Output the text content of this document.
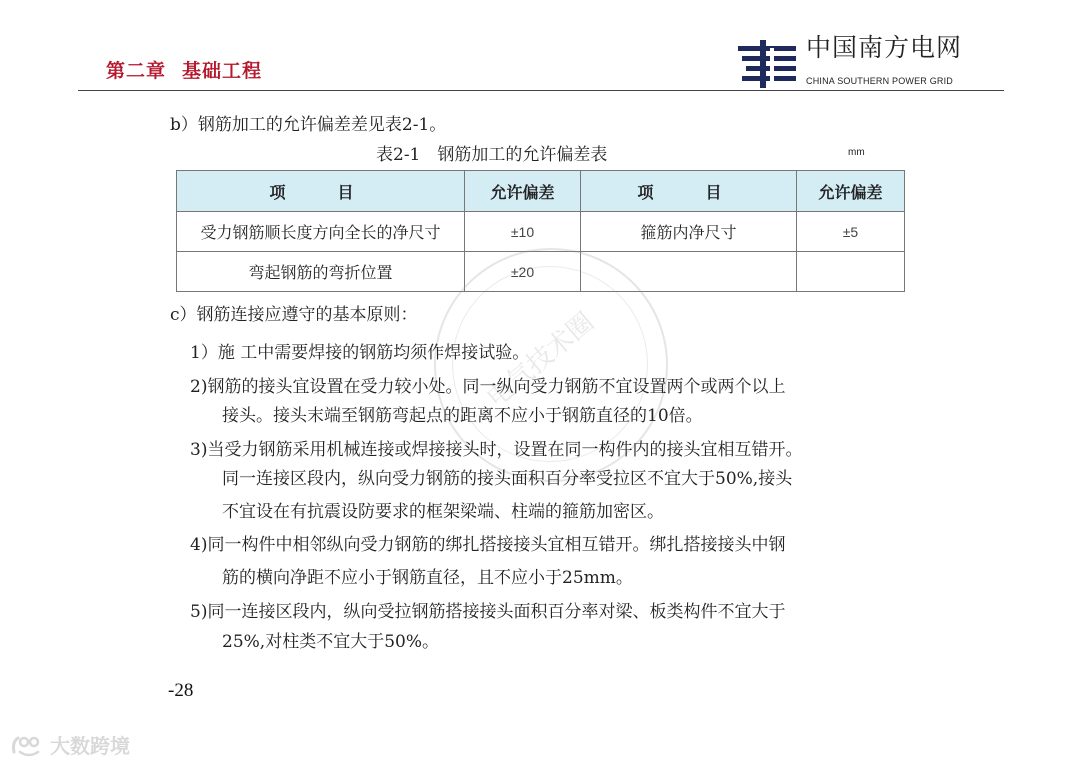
第二章 基础工程
中国南方电网
CHINA SOUTHERN POWER GRID
b）钢筋加工的允许偏差差见表2-1。
表2-1　钢筋加工的允许偏差表	mm
项　目	允许偏差	项　目	允许偏差
受力钢筋顺长度方向全长的净尺寸	±10	箍筋内净尺寸	±5
弯起钢筋的弯折位置	±20		
电气技术圈
c）钢筋连接应遵守的基本原则：
1）施 工中需要焊接的钢筋均须作焊接试验。
2)钢筋的接头宜设置在受力较小处。同一纵向受力钢筋不宜设置两个或两个以上
接头。接头末端至钢筋弯起点的距离不应小于钢筋直径的10倍。
3)当受力钢筋采用机械连接或焊接接头时，设置在同一构件内的接头宜相互错开。
同一连接区段内，纵向受力钢筋的接头面积百分率受拉区不宜大于50%,接头
不宜设在有抗震设防要求的框架梁端、柱端的箍筋加密区。
4)同一构件中相邻纵向受力钢筋的绑扎搭接接头宜相互错开。绑扎搭接接头中钢
筋的横向净距不应小于钢筋直径，且不应小于25mm。
5)同一连接区段内，纵向受拉钢筋搭接接头面积百分率对梁、板类构件不宜大于
25%,对柱类不宜大于50%。
-28
大数跨境
